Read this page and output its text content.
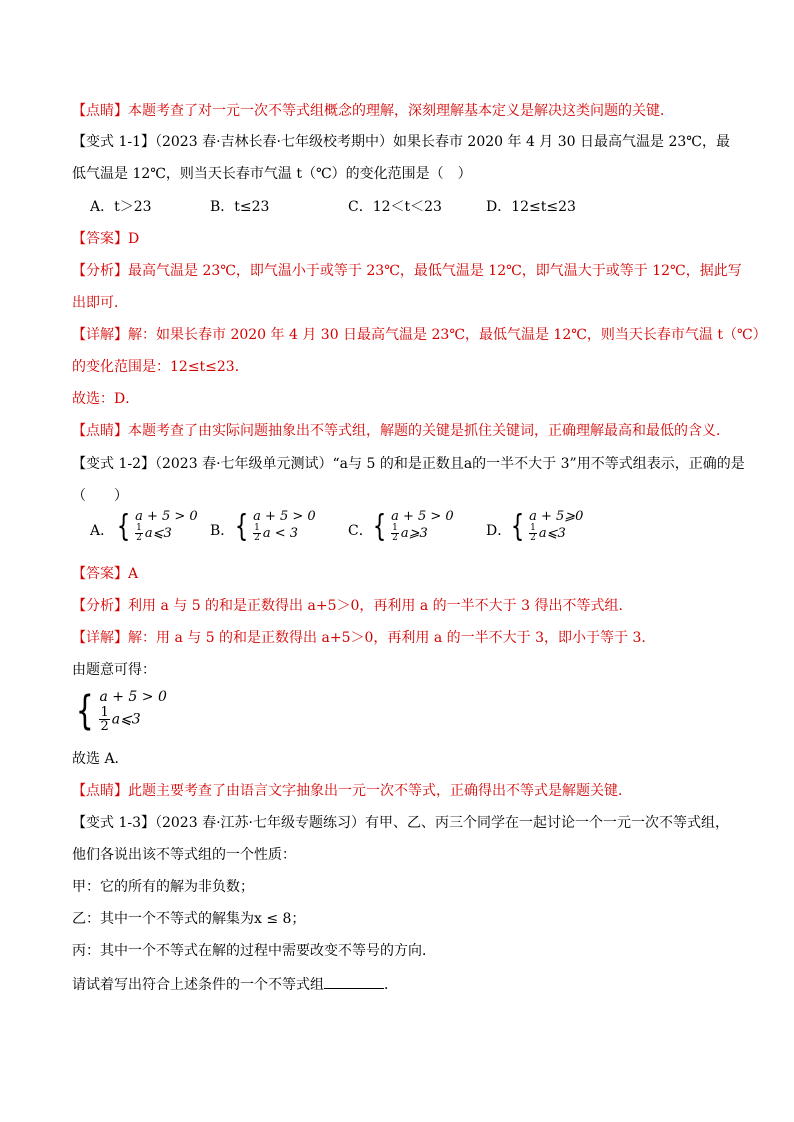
【点睛】本题考查了对一元一次不等式组概念的理解，深刻理解基本定义是解决这类问题的关键．
【变式 1-1】（2023 春·吉林长春·七年级校考期中）如果长春市 2020 年 4 月 30 日最高气温是 23℃，最
低气温是 12℃，则当天长春市气温 t（℃）的变化范围是（　）
A．t＞23	B．t≤23	C．12＜t＜23	D．12≤t≤23
【答案】D
【分析】最高气温是 23℃，即气温小于或等于 23℃，最低气温是 12℃，即气温大于或等于 12℃，据此写
出即可．
【详解】解：如果长春市 2020 年 4 月 30 日最高气温是 23℃，最低气温是 12℃，则当天长春市气温 t（℃）
的变化范围是：12≤t≤23．
故选：D．
【点睛】本题考查了由实际问题抽象出不等式组，解题的关键是抓住关键词，正确理解最高和最低的含义．
【变式 1-2】（2023 春·七年级单元测试）“a与 5 的和是正数且a的一半不大于 3”用不等式组表示，正确的是
（　　）
A． { a + 5 > 0
$\frac{1}{2}$ a⩽3	B． { a + 5 > 0
$\frac{1}{2}$ a < 3	C． { a + 5 > 0
$\frac{1}{2}$ a⩾3	D． { a + 5⩾0
$\frac{1}{2}$ a⩽3
【答案】A
【分析】利用 a 与 5 的和是正数得出 a+5＞0，再利用 a 的一半不大于 3 得出不等式组．
【详解】解：用 a 与 5 的和是正数得出 a+5＞0，再利用 a 的一半不大于 3，即小于等于 3．
由题意可得：
{ a + 5 > 0
$\frac{1}{2}$ a⩽3
故选 A．
【点睛】此题主要考查了由语言文字抽象出一元一次不等式，正确得出不等式是解题关键．
【变式 1-3】（2023 春·江苏·七年级专题练习）有甲、乙、丙三个同学在一起讨论一个一元一次不等式组，
他们各说出该不等式组的一个性质：
甲：它的所有的解为非负数；
乙：其中一个不等式的解集为x ≤ 8；
丙：其中一个不等式在解的过程中需要改变不等号的方向．
请试着写出符合上述条件的一个不等式组	．
